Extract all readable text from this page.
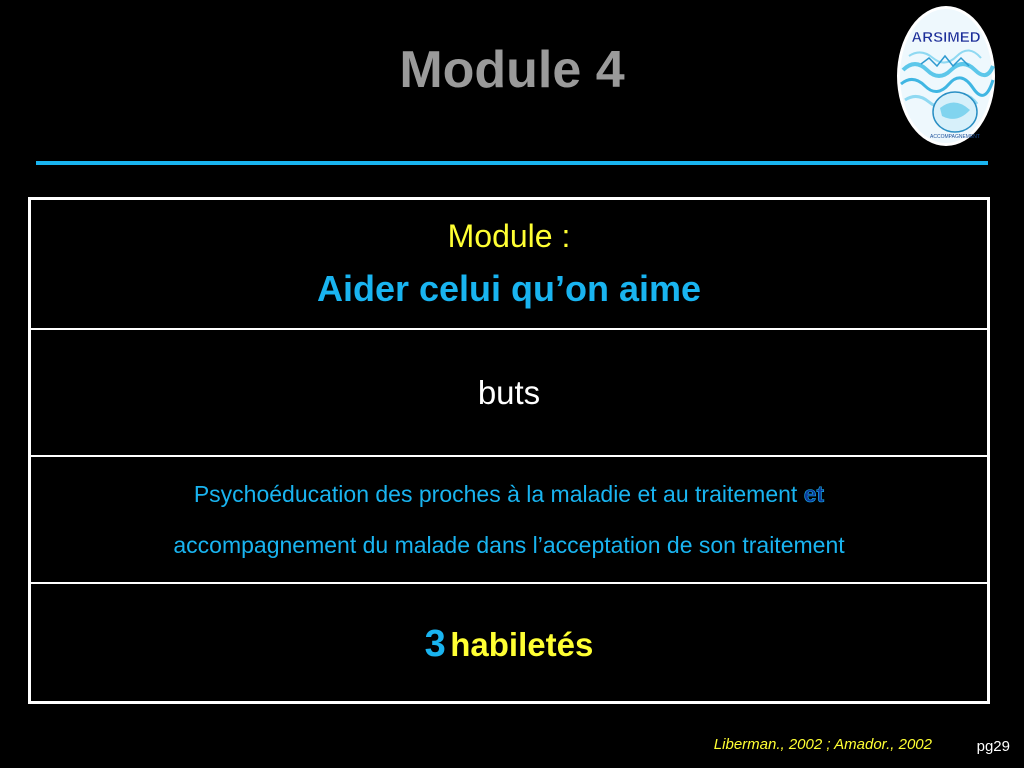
Module 4
ARSIMED
ACCOMPAGNEMENT
Module :
Aider celui qu’on aime
buts
Psychoéducation des proches à la maladie et au traitement et
accompagnement du malade dans l’acceptation de son traitement
3 habiletés
Liberman., 2002 ; Amador., 2002	pg29
